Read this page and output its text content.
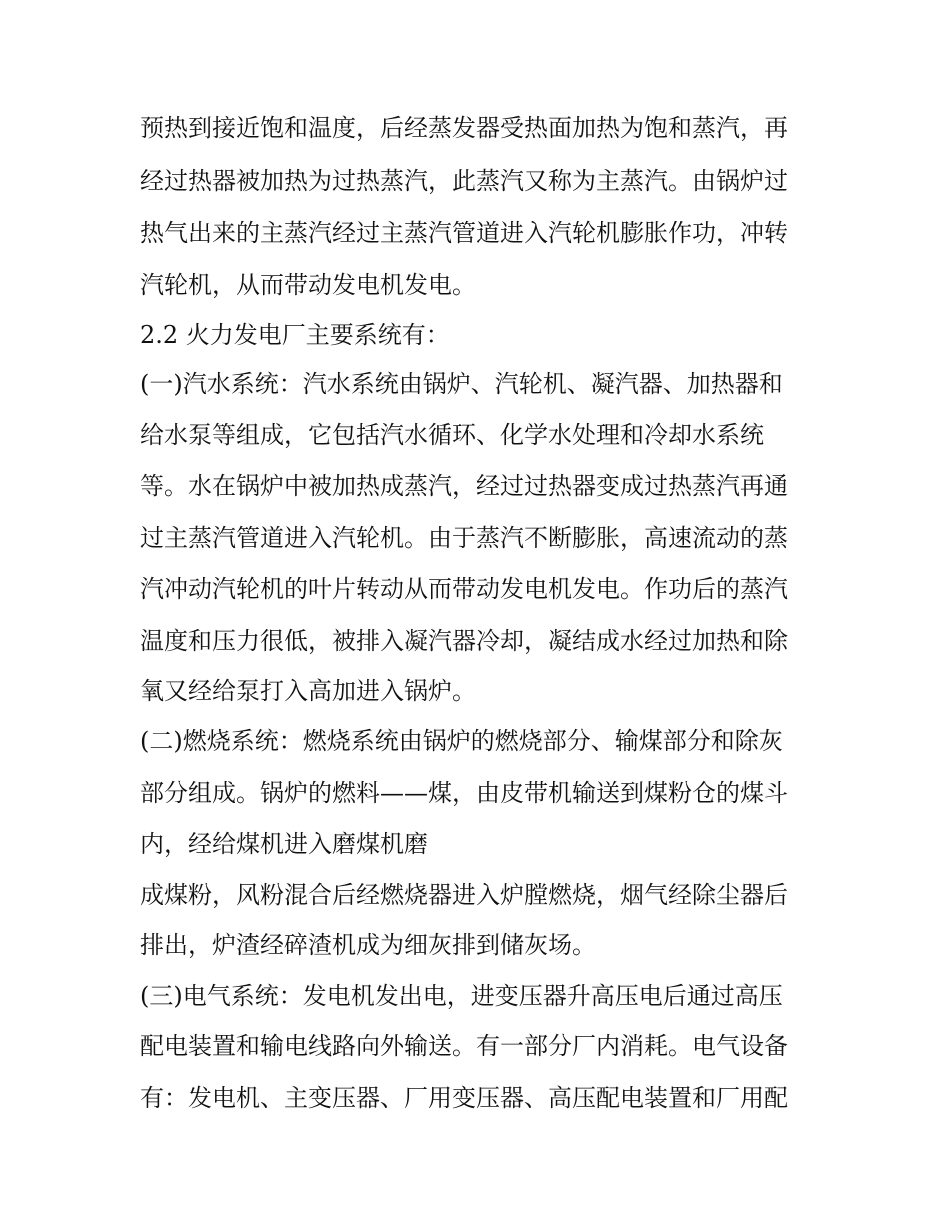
预热到接近饱和温度，后经蒸发器受热面加热为饱和蒸汽，再
经过热器被加热为过热蒸汽，此蒸汽又称为主蒸汽。由锅炉过
热气出来的主蒸汽经过主蒸汽管道进入汽轮机膨胀作功，冲转
汽轮机，从而带动发电机发电。
2.2 火力发电厂主要系统有：
(一)汽水系统：汽水系统由锅炉、汽轮机、凝汽器、加热器和
给水泵等组成，它包括汽水循环、化学水处理和冷却水系统
等。水在锅炉中被加热成蒸汽，经过过热器变成过热蒸汽再通
过主蒸汽管道进入汽轮机。由于蒸汽不断膨胀，高速流动的蒸
汽冲动汽轮机的叶片转动从而带动发电机发电。作功后的蒸汽
温度和压力很低，被排入凝汽器冷却，凝结成水经过加热和除
氧又经给泵打入高加进入锅炉。
(二)燃烧系统：燃烧系统由锅炉的燃烧部分、输煤部分和除灰
部分组成。锅炉的燃料——煤，由皮带机输送到煤粉仓的煤斗
内，经给煤机进入磨煤机磨
成煤粉，风粉混合后经燃烧器进入炉膛燃烧，烟气经除尘器后
排出，炉渣经碎渣机成为细灰排到储灰场。
(三)电气系统：发电机发出电，进变压器升高压电后通过高压
配电装置和输电线路向外输送。有一部分厂内消耗。电气设备
有：发电机、主变压器、厂用变压器、高压配电装置和厂用配
